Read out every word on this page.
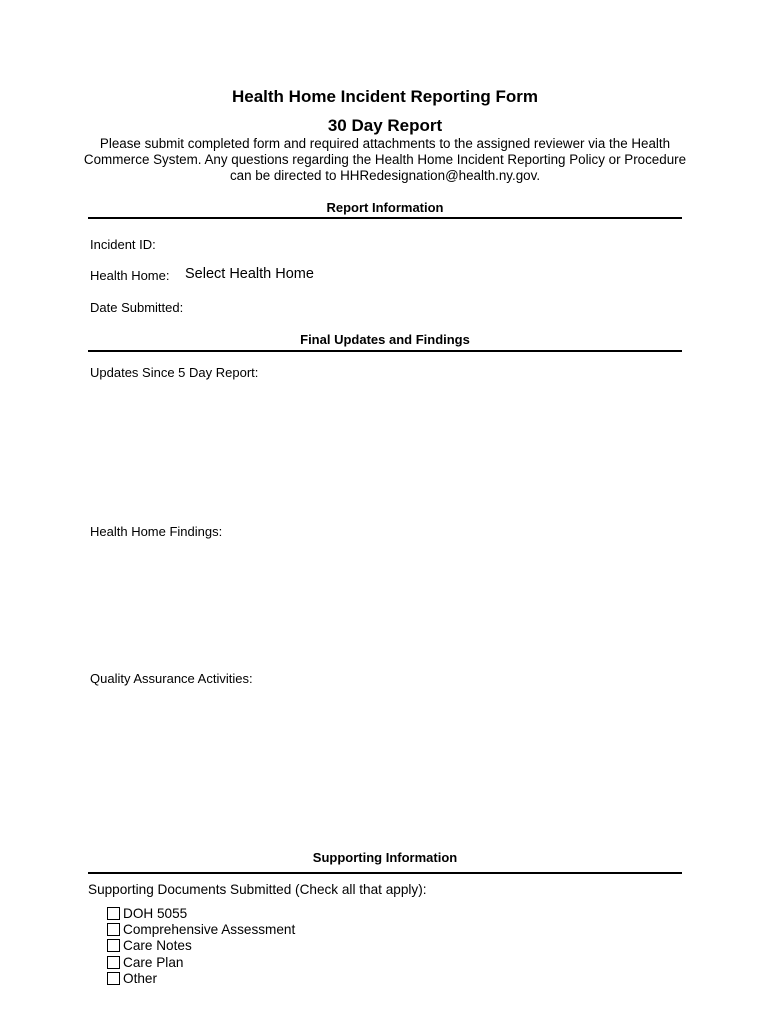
Health Home Incident Reporting Form
30 Day Report
Please submit completed form and required attachments to the assigned reviewer via the Health Commerce System. Any questions regarding the Health Home Incident Reporting Policy or Procedure can be directed to HHRedesignation@health.ny.gov.
Report Information
Incident ID:
Health Home: Select Health Home
Date Submitted:
Final Updates and Findings
Updates Since 5 Day Report:
Health Home Findings:
Quality Assurance Activities:
Supporting Information
Supporting Documents Submitted (Check all that apply):
DOH 5055
Comprehensive Assessment
Care Notes
Care Plan
Other
